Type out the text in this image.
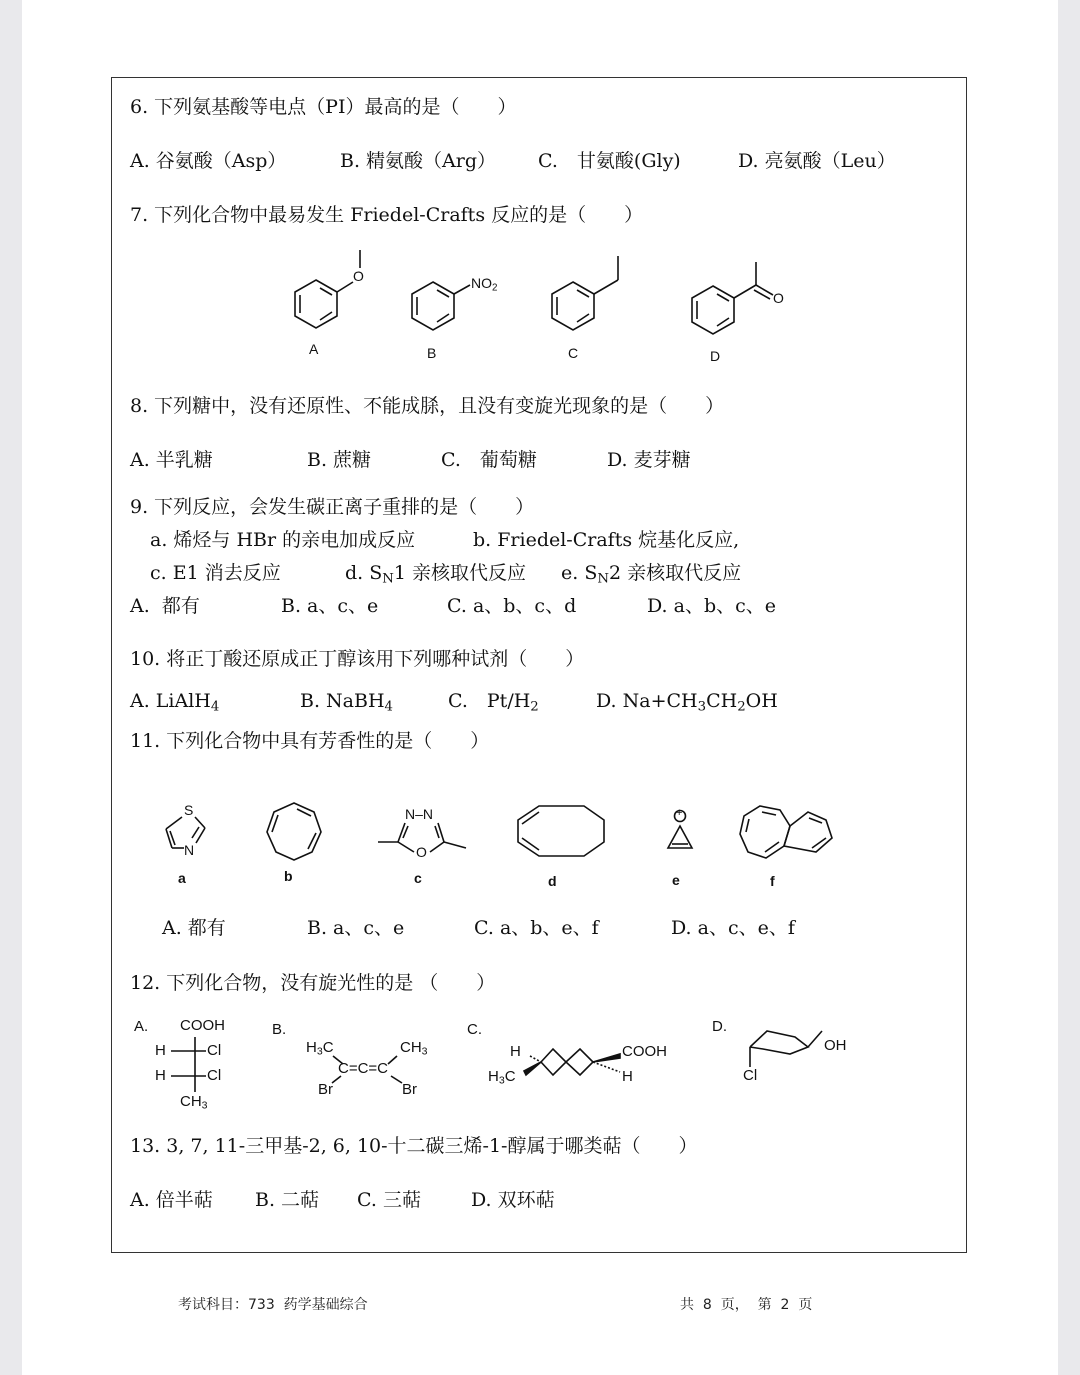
6. 下列氨基酸等电点（PI）最高的是（　　）
A. 谷氨酸（Asp）	B. 精氨酸（Arg） C.　甘氨酸(Gly)	D. 亮氨酸（Leu）
7. 下列化合物中最易发生 Friedel-Crafts 反应的是（　　）
O	$NO_2$
O
A	B	C	D
8. 下列糖中，没有还原性、不能成脎，且没有变旋光现象的是（　　）
A. 半乳糖	B. 蔗糖	C.　葡萄糖	D. 麦芽糖
9. 下列反应，会发生碳正离子重排的是（　　）
a. 烯烃与 HBr 的亲电加成反应	b. Friedel-Crafts 烷基化反应,
c. E1 消去反应	d. $S_N1$ 亲核取代反应 e. $S_N2$ 亲核取代反应
A.  都有	B. a、c、e	C. a、b、c、d	D. a、b、c、e
10. 将正丁酸还原成正丁醇该用下列哪种试剂（　　）
A. LiAlH$_4$	B. NaBH$_4$	C.　$Pt/H_2$	D. $Na+CH_3CH_2OH$
11. 下列化合物中具有芳香性的是（　　）
S
N
N–N
O
+
a	b	c	d	e	f
A. 都有	B. a、c、e	C. a、b、e、f	D. a、c、e、f
12. 下列化合物，没有旋光性的是 （　　）
A.	B.	C.	D.
COOH
H	Cl
H	Cl
$CH_3$
$H_3C$	$CH_3$
C=C=C
Br	Br
H
$H_3C$
COOH
H
OH
Cl
13. 3, 7, 11-三甲基-2, 6, 10-十二碳三烯-1-醇属于哪类萜（　　）
A. 倍半萜 B. 二萜 C. 三萜	D. 双环萜
考试科目：733  药学基础综合	共  8  页，  第  2  页
